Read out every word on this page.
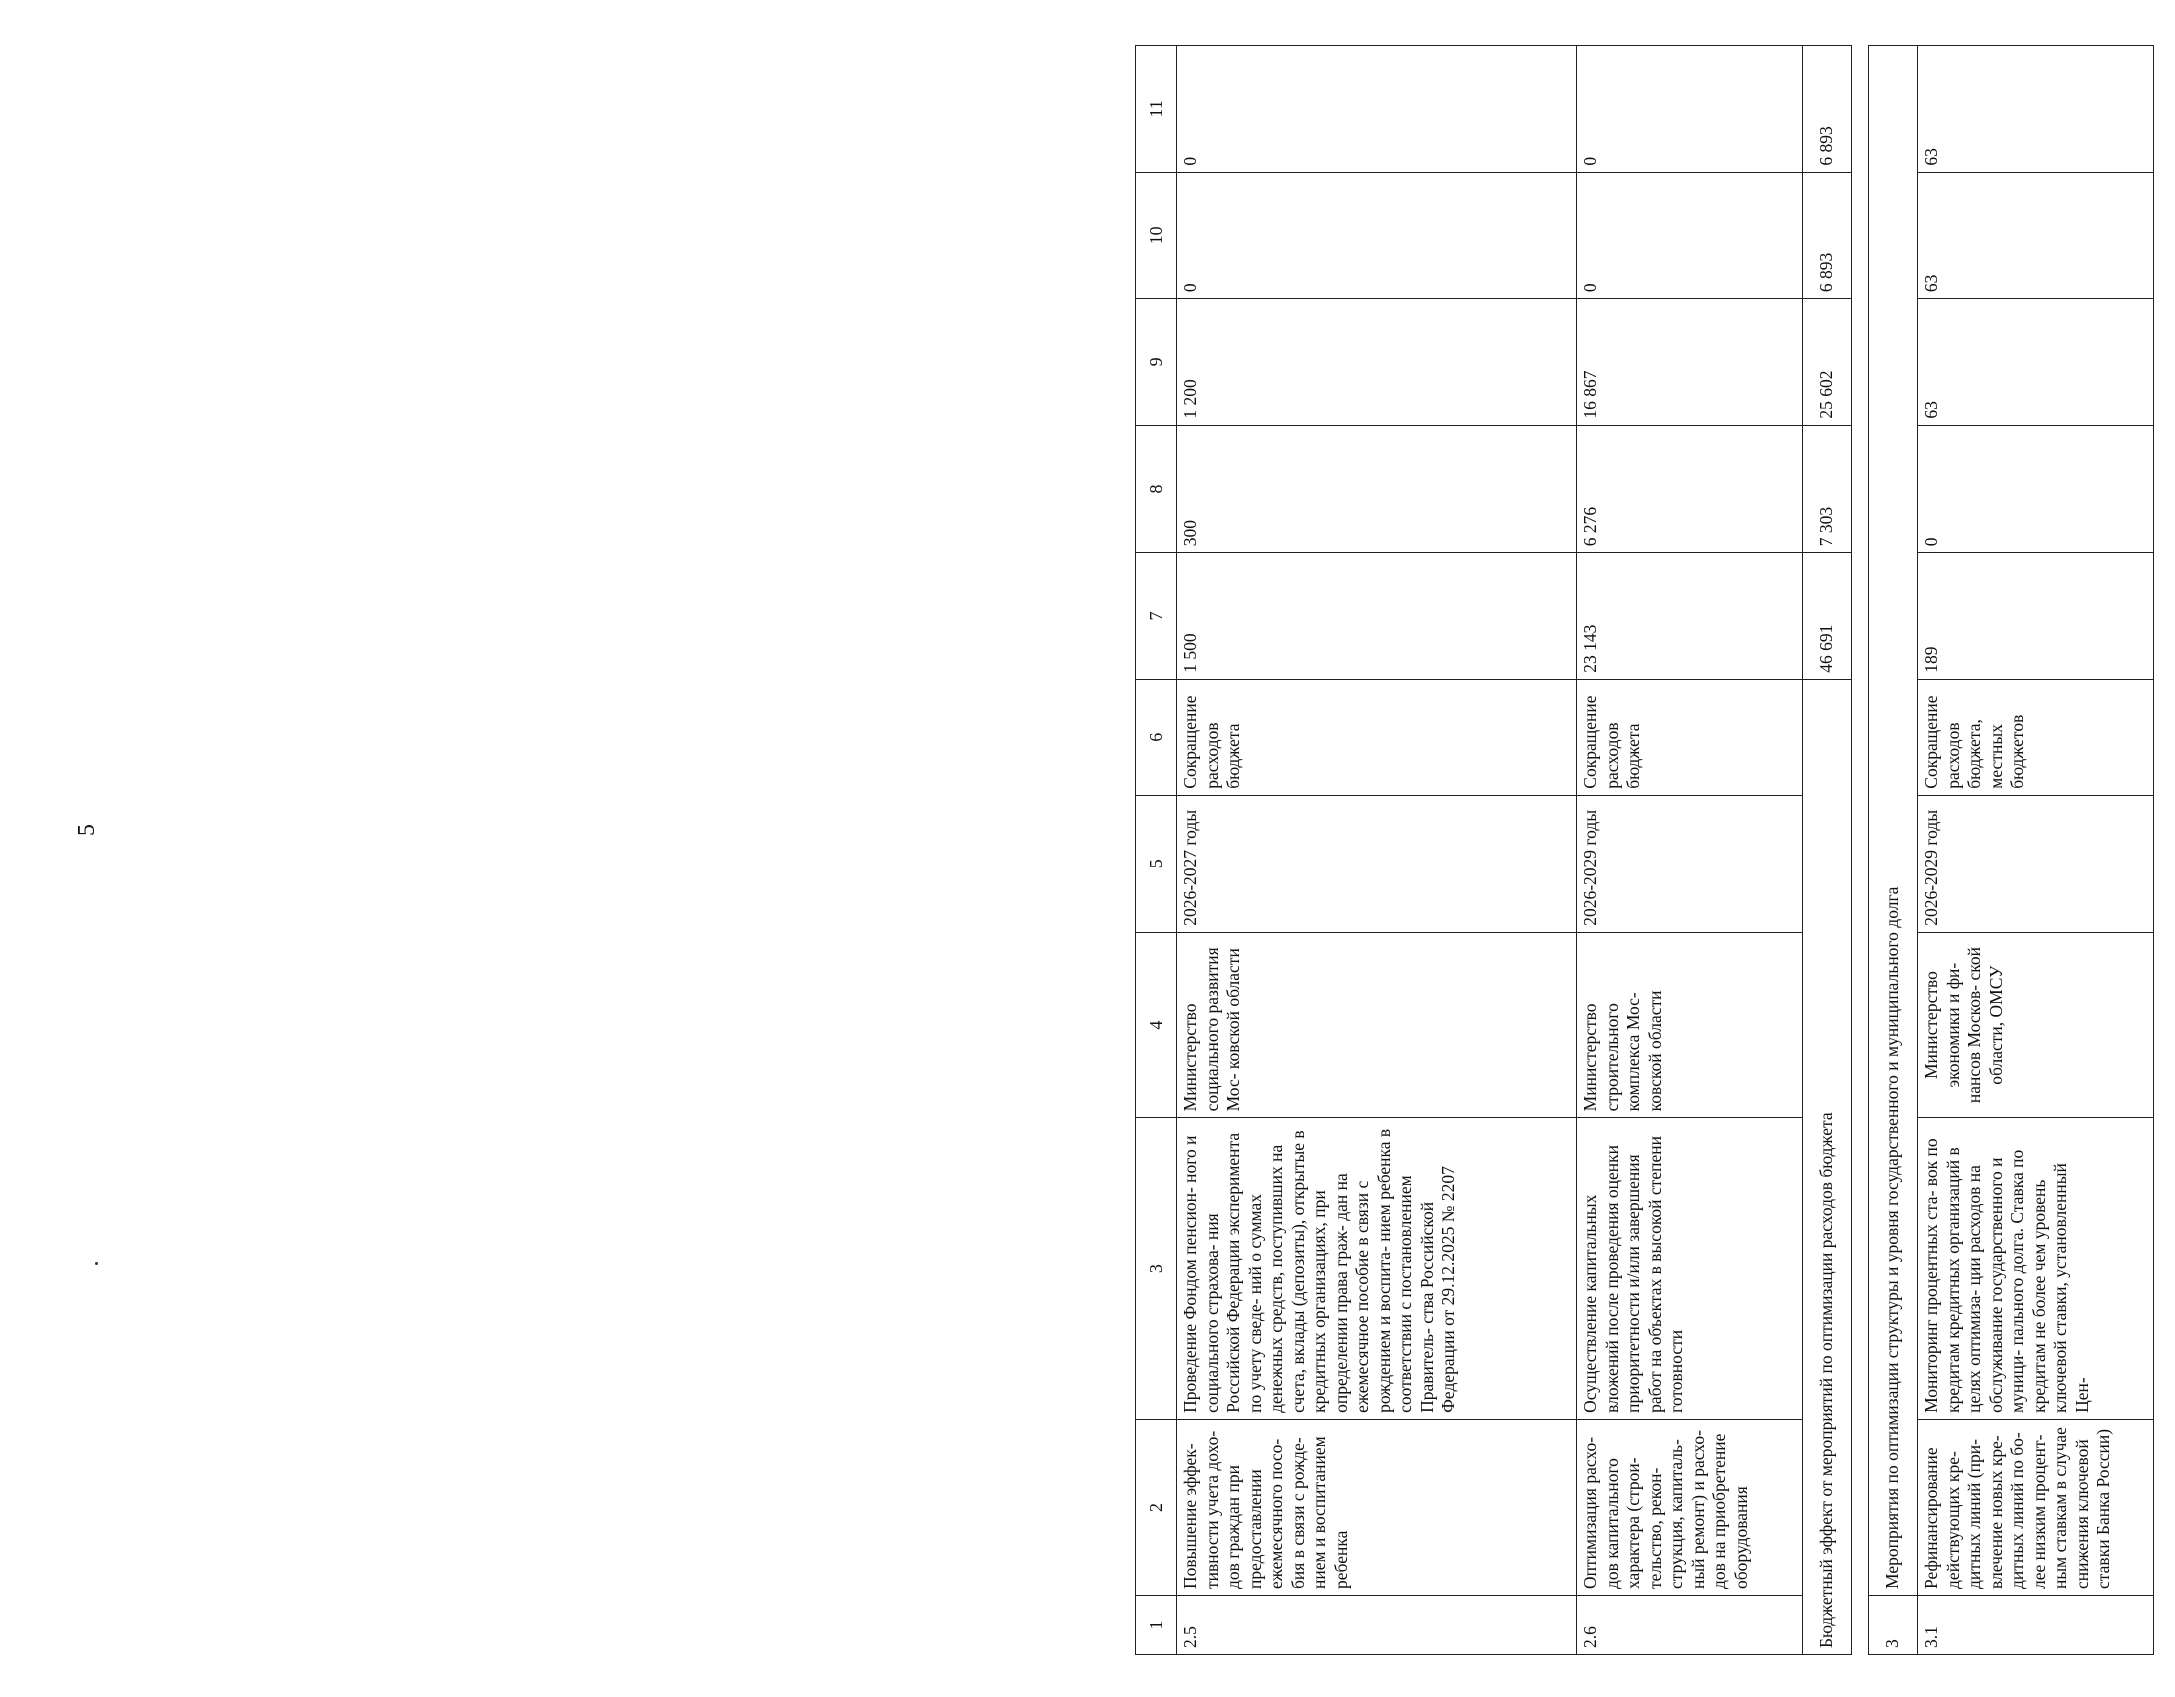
5
1	2	3	4	5	6	7	8	9	10	11
2.5	Повышение эффек- тивности учета дохо- дов граждан при предоставлении ежемесячного посо- бия в связи с рожде- нием и воспитанием ребенка	Проведение Фондом пенсион- ного и социального страхова- ния Российской Федерации эксперимента по учету сведе- ний о суммах денежных средств, поступивших на счета, вклады (депозиты), открытые в кредитных организациях, при определении права граж- дан на ежемесячное пособие в связи с рождением и воспита- нием ребенка в соответствии с постановлением Правитель- ства Российской Федерации от 29.12.2025 № 2207	Министерство социального развития Мос- ковской области	2026-2027 годы	Сокращение расходов бюджета	1 500	300	1 200	0	0
2.6	Оптимизация расхо- дов капитального характера (строи- тельство, рекон- струкция, капиталь- ный ремонт) и расхо- дов на приобретение оборудования	Осуществление капитальных вложений после проведения оценки приоритетности и/или завершения работ на объектах в высокой степени готовности	Министерство строительного комплекса Мос- ковской области	2026-2029 годы	Сокращение расходов бюджета	23 143	6 276	16 867	0	0
Бюджетный эффект от мероприятий по оптимизации расходов бюджета						46 691	7 303	25 602	6 893	6 893

3	Мероприятия по оптимизации структуры и уровня государственного и муниципального долга									
3.1	Рефинансирование действующих кре- дитных линий (при- влечение новых кре- дитных линий по бо- лее низким процент- ным ставкам в случае снижения ключевой ставки Банка России)	Мониторинг процентных ста- вок по кредитам кредитных организаций в целях оптимиза- ции расходов на обслуживание государственного и муници- пального долга. Ставка по кредитам не более чем уровень ключевой ставки, установленный Цен-	Министерство экономики и фи- нансов Москов- ской области, ОМСУ	2026-2029 годы	Сокращение расходов бюджета, местных бюджетов	189	0	63	63	63
